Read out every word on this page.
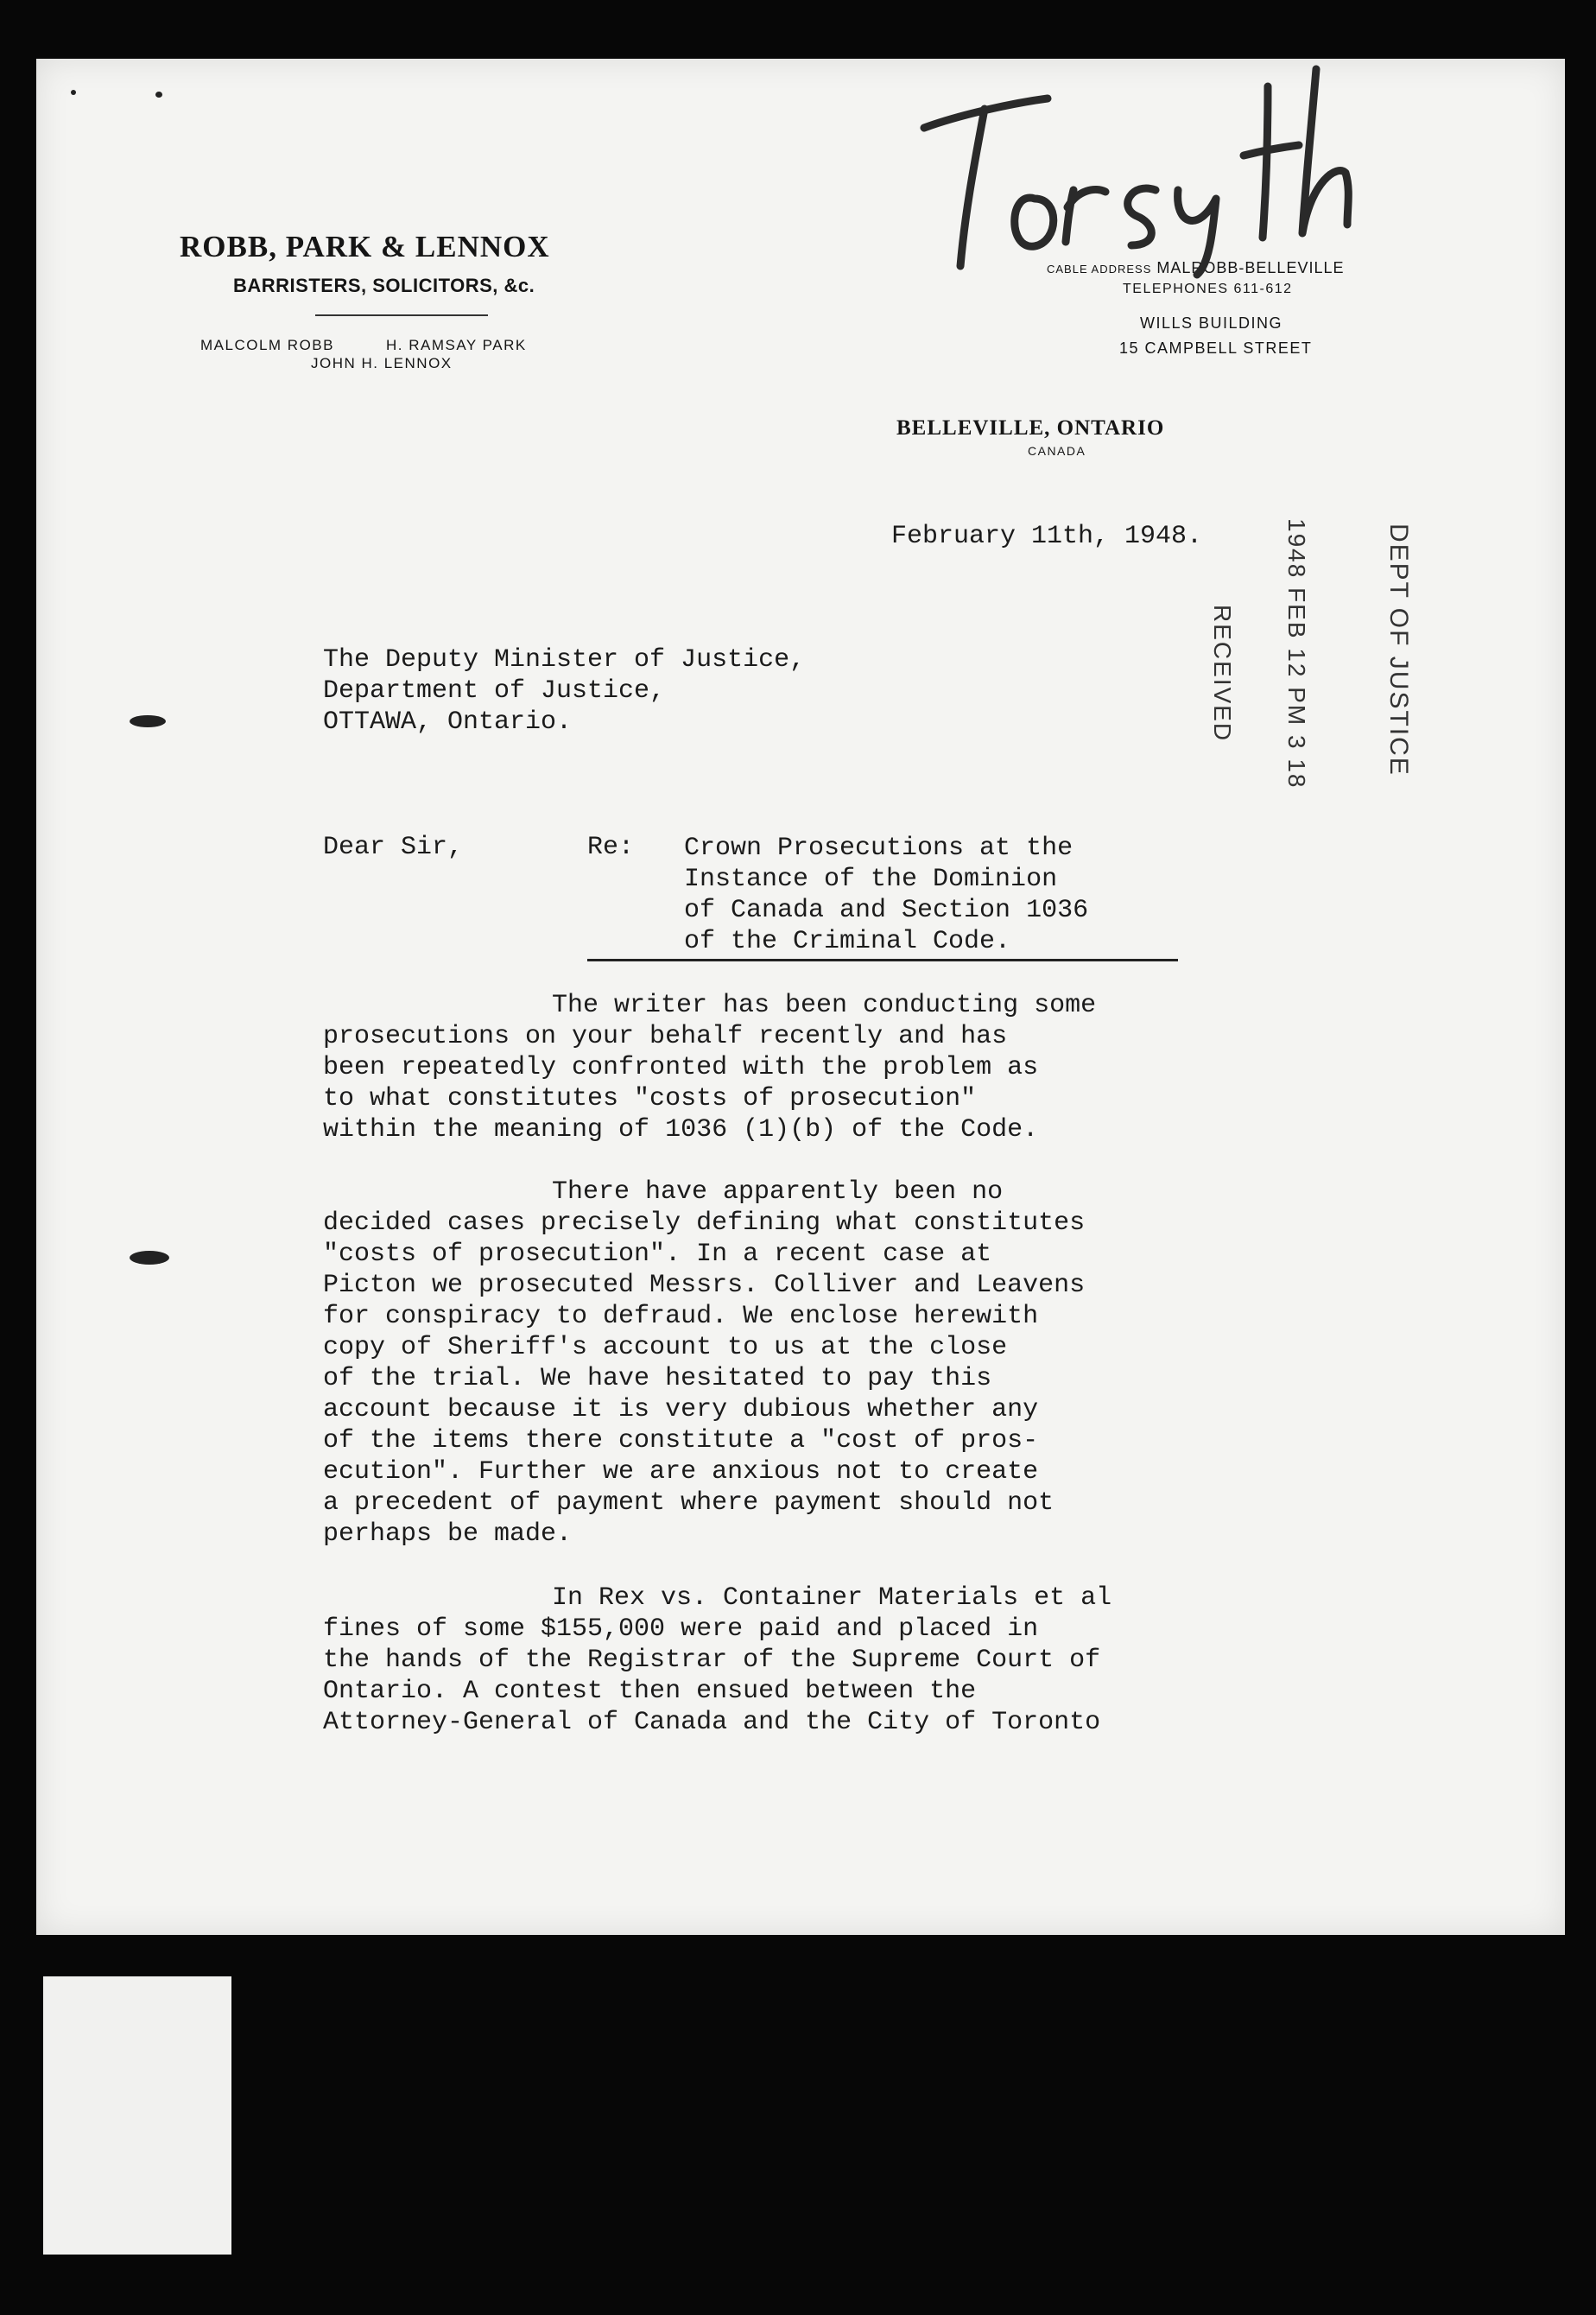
ROBB, PARK & LENNOX
BARRISTERS, SOLICITORS, &c.
MALCOLM ROBB	H. RAMSAY PARK
JOHN H. LENNOX
CABLE ADDRESS MALROBB-BELLEVILLE
TELEPHONES 611-612
WILLS BUILDING
15 CAMPBELL STREET
BELLEVILLE, ONTARIO
CANADA
DEPT OF JUSTICE
1948 FEB 12 PM 3 18
RECEIVED
February 11th, 1948.
The Deputy Minister of Justice,
Department of Justice,
OTTAWA, Ontario.
Dear Sir,	Re: Crown Prosecutions at the
Instance of the Dominion
of Canada and Section 1036
of the Criminal Code.
The writer has been conducting some
prosecutions on your behalf recently and has
been repeatedly confronted with the problem as
to what constitutes "costs of prosecution"
within the meaning of 1036 (1)(b) of the Code.
There have apparently been no
decided cases precisely defining what constitutes
"costs of prosecution". In a recent case at
Picton we prosecuted Messrs. Colliver and Leavens
for conspiracy to defraud. We enclose herewith
copy of Sheriff's account to us at the close
of the trial. We have hesitated to pay this
account because it is very dubious whether any
of the items there constitute a "cost of pros-
ecution". Further we are anxious not to create
a precedent of payment where payment should not
perhaps be made.
In Rex vs. Container Materials et al
fines of some $155,000 were paid and placed in
the hands of the Registrar of the Supreme Court of
Ontario. A contest then ensued between the
Attorney-General of Canada and the City of Toronto
